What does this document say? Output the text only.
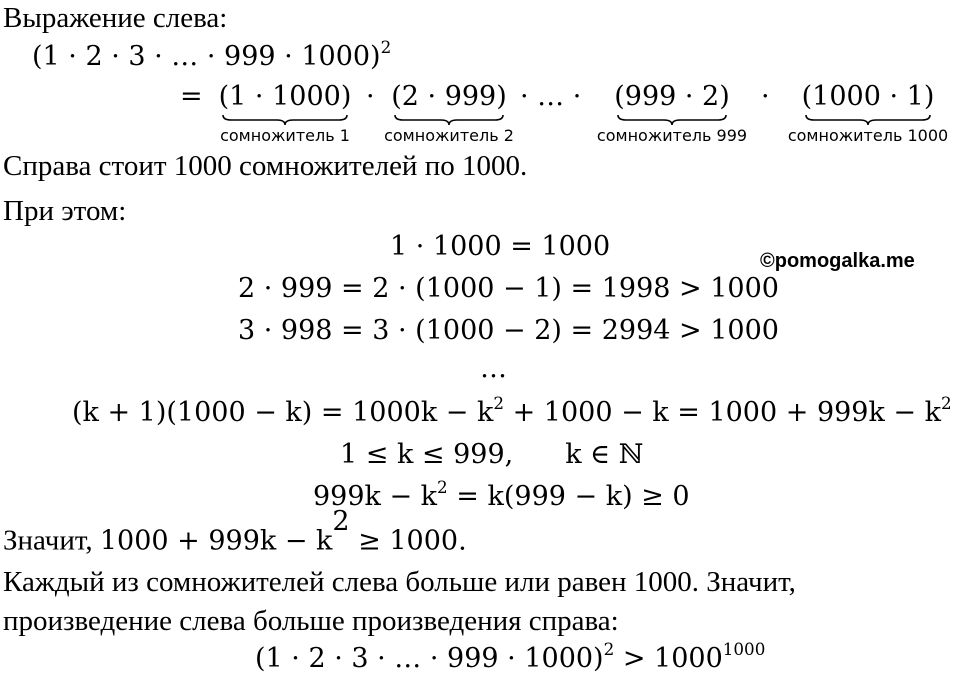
Выражение слева:
(1 · 2 · 3 · … · 999 · 1000)$^2$
= (1 · 1000)
сомножитель 1
· (2 · 999)
сомножитель 2
· … ·	(999 · 2)
сомножитель 999
·	(1000 · 1)
сомножитель 1000
Справа стоит 1000 сомножителей по 1000.
При этом:
©pomogalka.me
1 · 1000 = 1000
2 · 999 = 2 · (1000 − 1) = 1998 > 1000
3 · 998 = 3 · (1000 − 2) = 2994 > 1000
…
$(k + 1)(1000 - k) = 1000k - k^2 + 1000 - k = 1000 + 999k - k^2$
1 ≤ k ≤ 999, k ∈ ℕ
$999k - k^2 = k(999 - k) \ge 0$
Значит, $1000 + 999k - k^2 \ge 1000$.
Каждый из сомножителей слева больше или равен 1000. Значит,
произведение слева больше произведения справа:
(1 · 2 · 3 · … · $999 \cdot 1000)^2 > 1000^{1000}$
